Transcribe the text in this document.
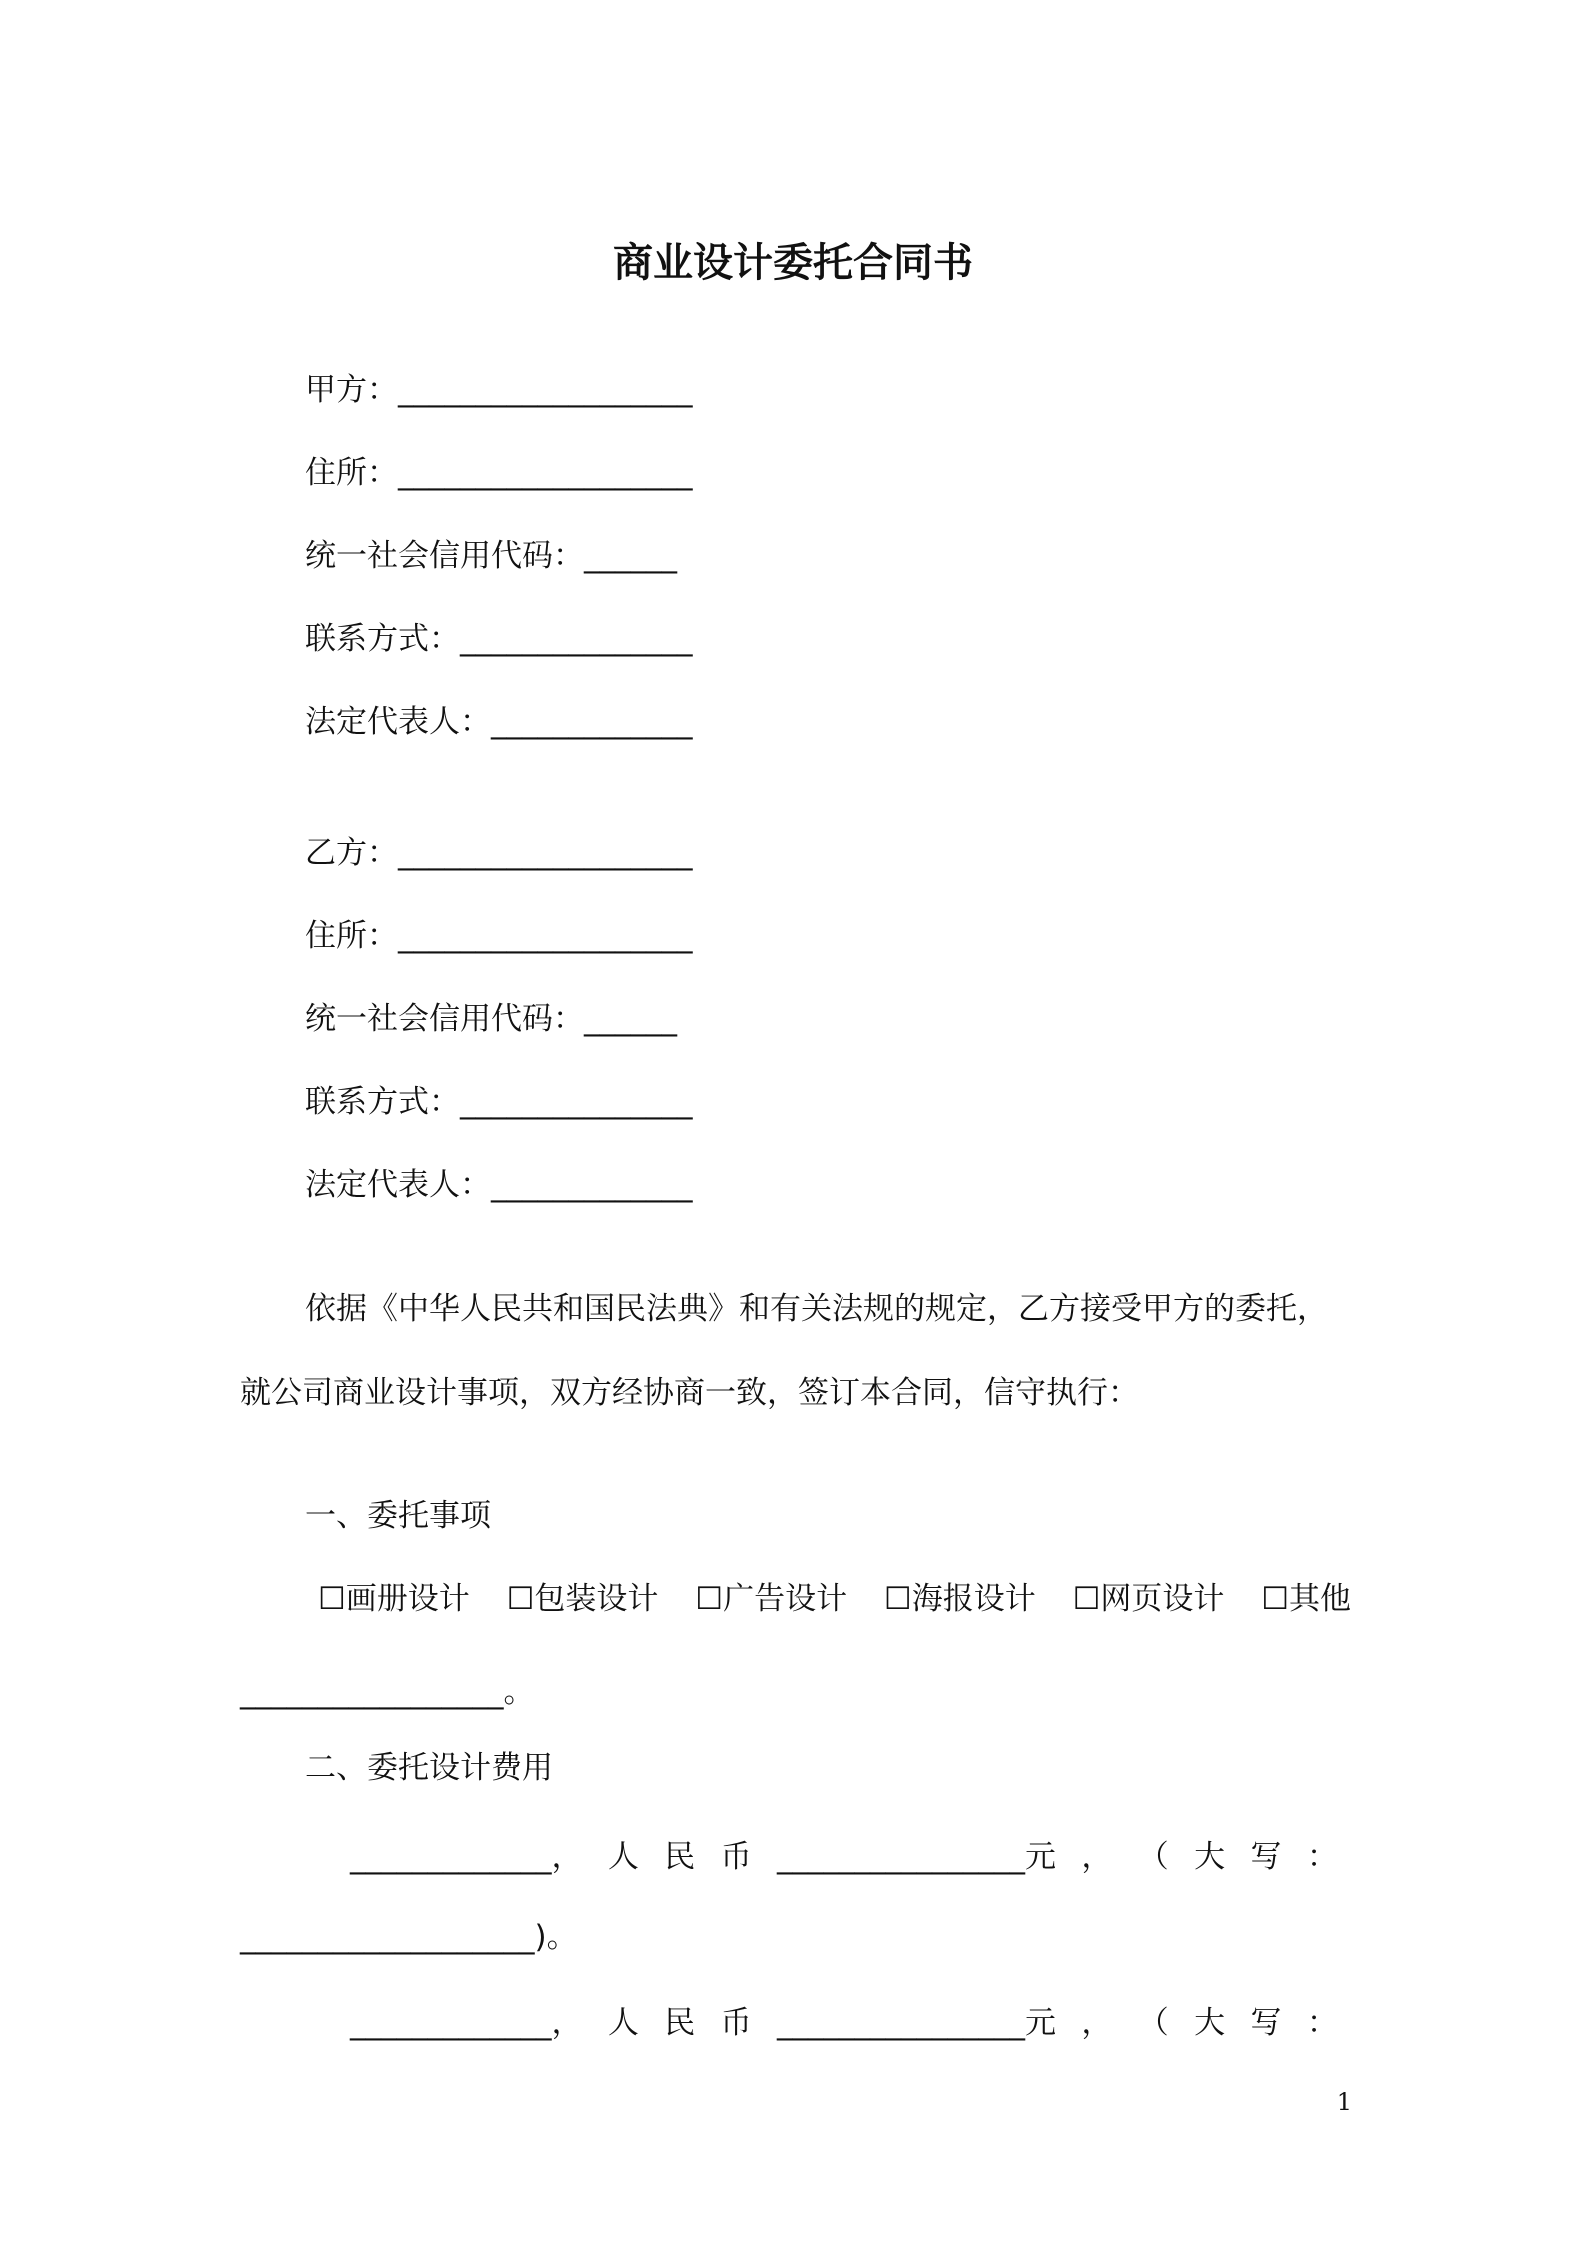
商业设计委托合同书
甲方：___________________
住所：___________________
统一社会信用代码：______
联系方式：_______________
法定代表人：_____________
乙方：___________________
住所：___________________
统一社会信用代码：______
联系方式：_______________
法定代表人：_____________
依据《中华人民共和国民法典》和有关法规的规定，乙方接受甲方的委托，
就公司商业设计事项，双方经协商一致，签订本合同，信守执行：
一、委托事项
☐画册设计 ☐包装设计 ☐广告设计 ☐海报设计 ☐网页设计 ☐其他
_________________。
二、委托设计费用
_____________， 人 民 币 ________________元 ， （ 大 写 ：
___________________)。
_____________， 人 民 币 ________________元 ， （ 大 写 ：
1
